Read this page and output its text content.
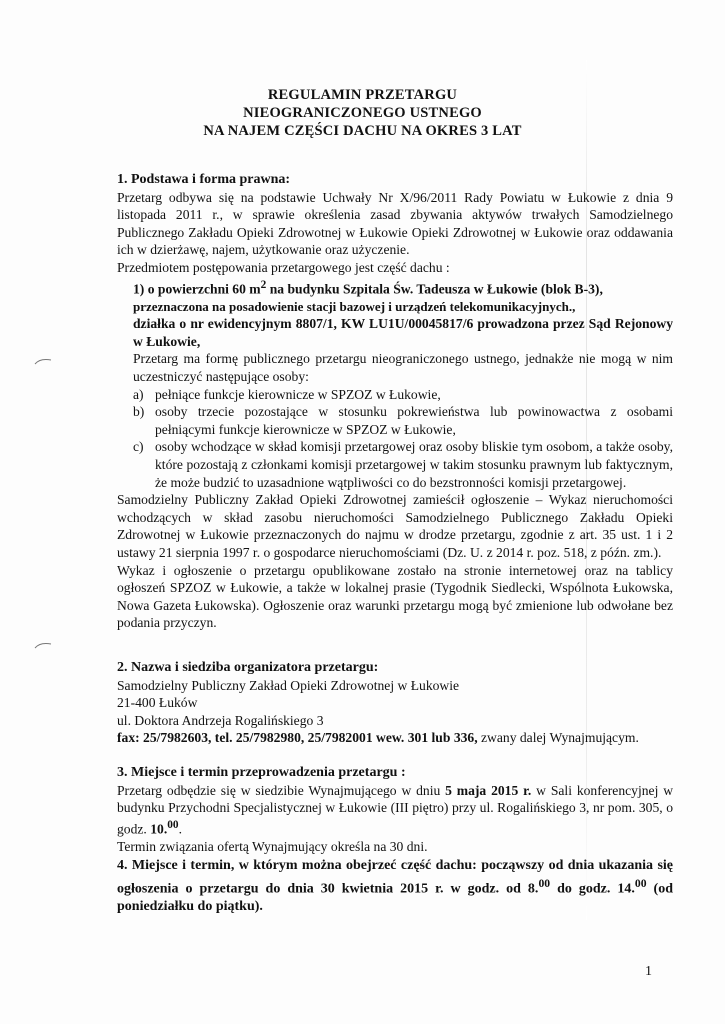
REGULAMIN PRZETARGU
NIEOGRANICZONEGO USTNEGO
NA NAJEM CZĘŚCI DACHU NA OKRES 3 LAT

1. Podstawa i forma prawna:

Przetarg odbywa się na podstawie Uchwały Nr X/96/2011 Rady Powiatu w Łukowie z dnia 9 listopada 2011 r., w sprawie określenia zasad zbywania aktywów trwałych Samodzielnego Publicznego Zakładu Opieki Zdrowotnej w Łukowie Opieki Zdrowotnej w Łukowie oraz oddawania ich w dzierżawę, najem, użytkowanie oraz użyczenie.

Przedmiotem postępowania przetargowego jest część dachu :

1) o powierzchni 60 $m^2$ na budynku Szpitala Św. Tadeusza w Łukowie (blok B-3),

przeznaczona na posadowienie stacji bazowej i urządzeń telekomunikacyjnych.,

działka o nr ewidencyjnym 8807/1, KW LU1U/00045817/6 prowadzona przez Sąd Rejonowy w Łukowie,

Przetarg ma formę publicznego przetargu nieograniczonego ustnego, jednakże nie mogą w nim uczestniczyć następujące osoby:

a) pełniące funkcje kierownicze w SPZOZ w Łukowie,
b) osoby trzecie pozostające w stosunku pokrewieństwa lub powinowactwa z osobami pełniącymi funkcje kierownicze w SPZOZ w Łukowie,
c) osoby wchodzące w skład komisji przetargowej oraz osoby bliskie tym osobom, a także osoby, które pozostają z członkami komisji przetargowej w takim stosunku prawnym lub faktycznym, że może budzić to uzasadnione wątpliwości co do bezstronności komisji przetargowej.

Samodzielny Publiczny Zakład Opieki Zdrowotnej zamieścił ogłoszenie – Wykaz nieruchomości wchodzących w skład zasobu nieruchomości Samodzielnego Publicznego Zakładu Opieki Zdrowotnej w Łukowie przeznaczonych do najmu w drodze przetargu, zgodnie z art. 35 ust. 1 i 2 ustawy 21 sierpnia 1997 r. o gospodarce nieruchomościami (Dz. U. z 2014 r. poz. 518, z późn. zm.).

Wykaz i ogłoszenie o przetargu opublikowane zostało na stronie internetowej oraz na tablicy ogłoszeń SPZOZ w Łukowie, a także w lokalnej prasie (Tygodnik Siedlecki, Wspólnota Łukowska, Nowa Gazeta Łukowska). Ogłoszenie oraz warunki przetargu mogą być zmienione lub odwołane bez podania przyczyn.

2. Nazwa i siedziba organizatora przetargu:

Samodzielny Publiczny Zakład Opieki Zdrowotnej w Łukowie

21-400 Łuków

ul. Doktora Andrzeja Rogalińskiego 3

fax: 25/7982603, tel. 25/7982980, 25/7982001 wew. 301 lub 336, zwany dalej Wynajmującym.

3. Miejsce i termin przeprowadzenia przetargu :

Przetarg odbędzie się w siedzibie Wynajmującego w dniu 5 maja 2015 r. w Sali konferencyjnej w budynku Przychodni Specjalistycznej w Łukowie (III piętro) przy ul. Rogalińskiego 3, nr pom. 305, o godz. 10.00.

Termin związania ofertą Wynajmujący określa na 30 dni.

4. Miejsce i termin, w którym można obejrzeć część dachu: począwszy od dnia ukazania się ogłoszenia o przetargu do dnia 30 kwietnia 2015 r. w godz. od 8.00 do godz. 14.00 (od poniedziałku do piątku).

1
